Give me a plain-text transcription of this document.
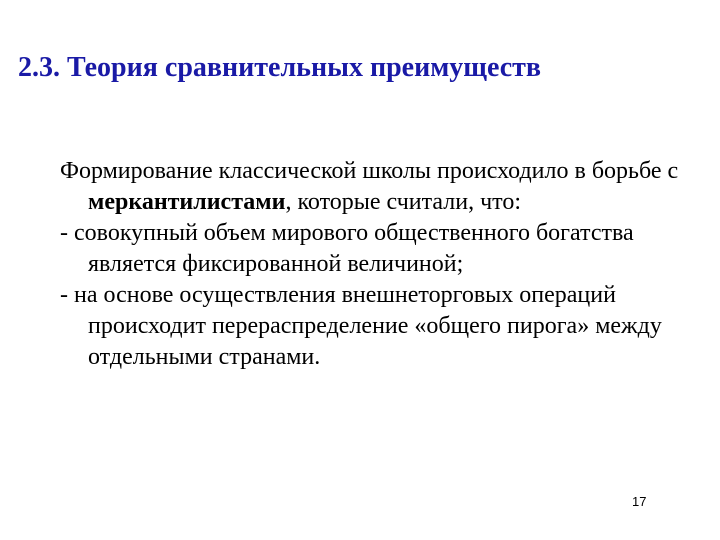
2.3. Теория сравнительных преимуществ

Формирование классической школы происходило в борьбе с меркантилистами, которые считали, что:

- совокупный объем мирового общественного богатства является фиксированной величиной;

- на основе осуществления внешнеторговых операций происходит перераспределение «общего пирога» между отдельными странами.

17
